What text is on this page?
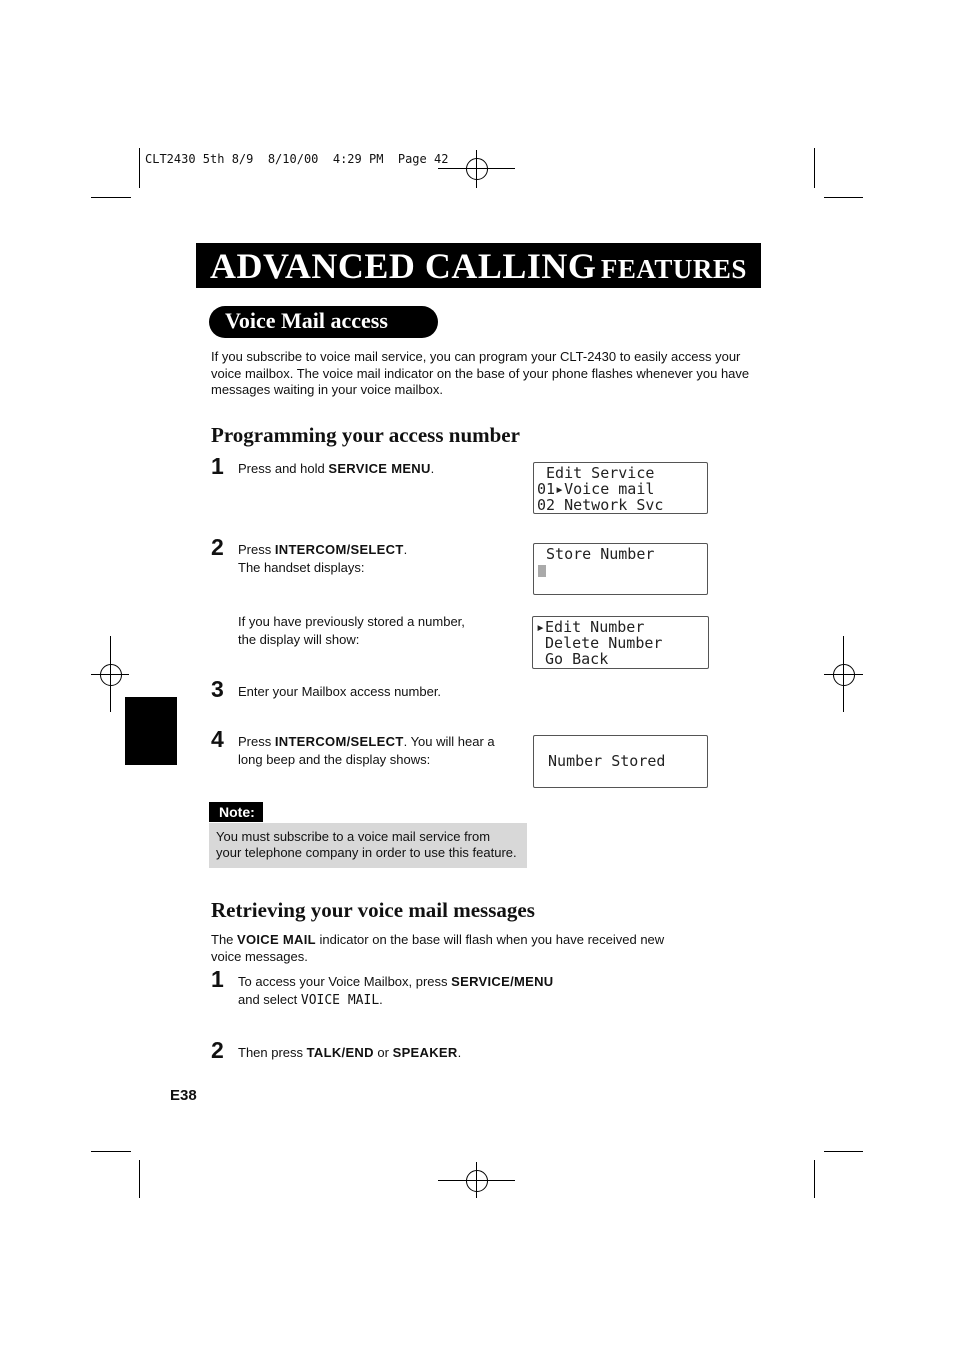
CLT2430 5th 8/9  8/10/00  4:29 PM  Page 42
ADVANCED CALLING FEATURES
Voice Mail access
If you subscribe to voice mail service, you can program your CLT-2430 to easily access your voice mailbox. The voice mail indicator on the base of your phone flashes whenever you have messages waiting in your voice mailbox.
Programming your access number
1 Press and hold SERVICE MENU.
2 Press INTERCOM/SELECT.
The handset displays:
If you have previously stored a number,
the display will show:
3 Enter your Mailbox access number.
4 Press INTERCOM/SELECT. You will hear a
long beep and the display shows:
Edit Service
01▸Voice mail
02 Network Svc
Store Number
▸Edit Number
Delete Number
Go Back
Number Stored
Note:
You must subscribe to a voice mail service from
your telephone company in order to use this feature.
Retrieving your voice mail messages
The VOICE MAIL indicator on the base will flash when you have received new
voice messages.
1 To access your Voice Mailbox, press SERVICE/MENU
and select VOICE MAIL.
2 Then press TALK/END or SPEAKER.
E38
